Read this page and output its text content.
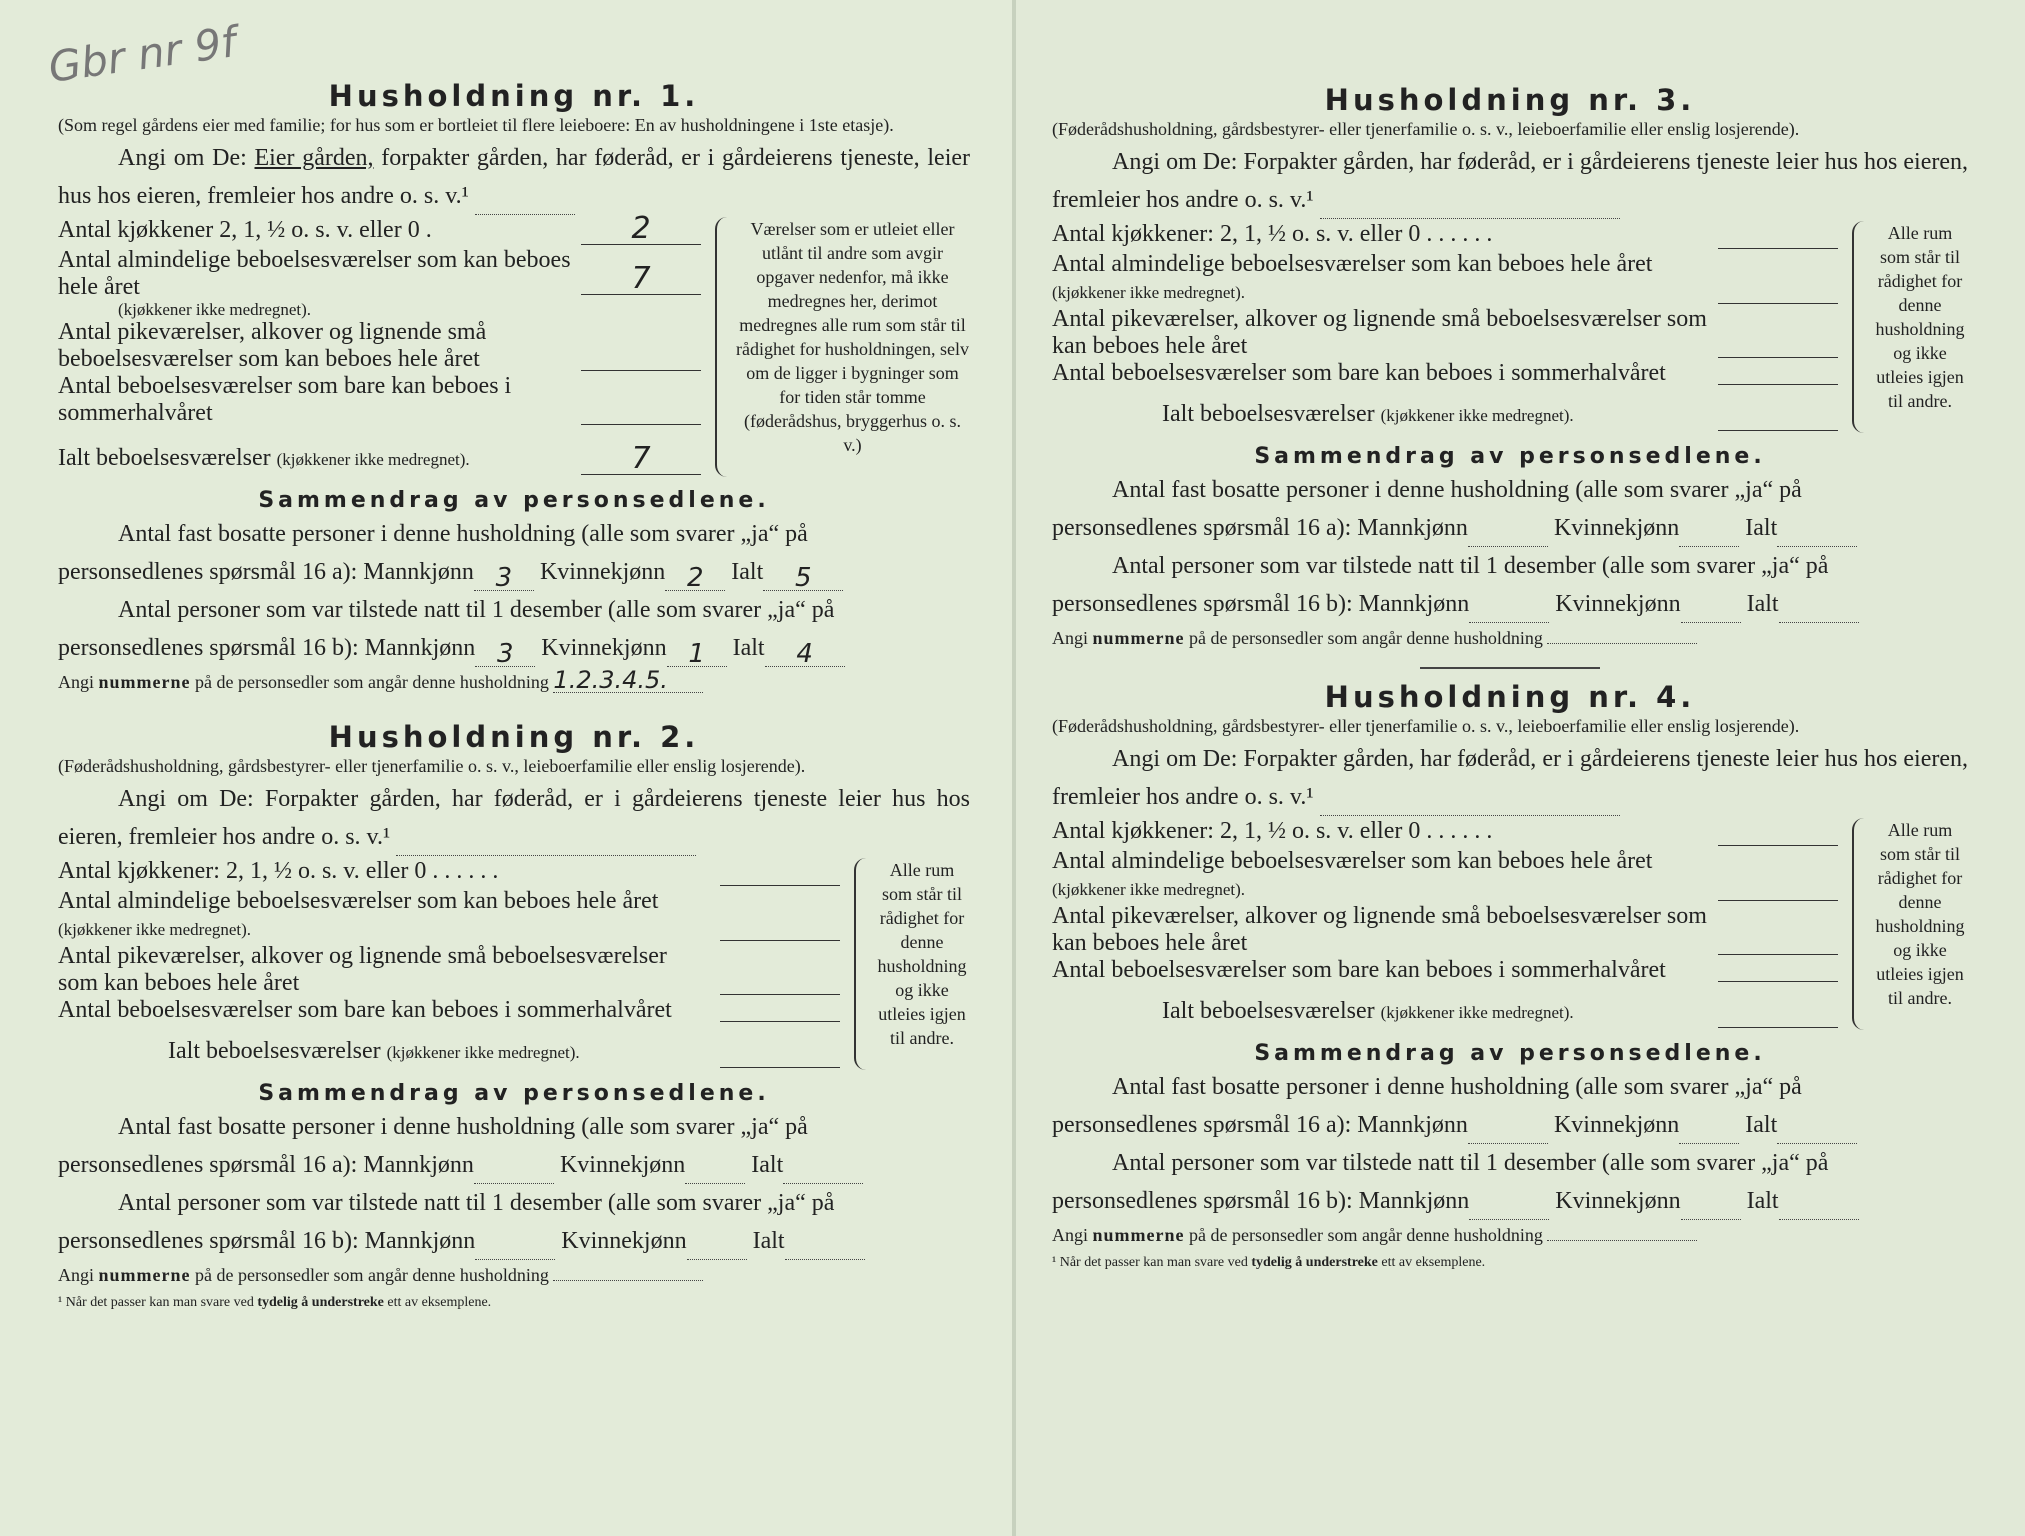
Gbr nr 9f
Husholdning nr. 1.
(Som regel gårdens eier med familie; for hus som er bortleiet til flere leieboere: En av husholdningene i 1ste etasje).
Angi om De: Eier gården, forpakter gården, har føderåd, er i gårdeierens tjeneste, leier hus hos eieren, fremleier hos andre o. s. v.¹
Antal kjøkkener 2, 1, ½ o. s. v. eller 0 .	2
Antal almindelige beboelsesværelser som kan beboes hele året	7
(kjøkkener ikke medregnet).
Antal pikeværelser, alkover og lignende små beboelsesværelser som kan beboes hele året
Antal beboelsesværelser som bare kan beboes i sommerhalvåret
Ialt beboelsesværelser (kjøkkener ikke medregnet).	7
Værelser som er utleiet eller utlånt til andre som avgir opgaver nedenfor, må ikke medregnes her, derimot medregnes alle rum som står til rådighet for husholdningen, selv om de ligger i bygninger som for tiden står tomme (føderådshus, bryggerhus o. s. v.)
Sammendrag av personsedlene.
Antal fast bosatte personer i denne husholdning (alle som svarer „ja“ på
personsedlenes spørsmål 16 a): Mannkjønn 3 Kvinnekjønn 2 Ialt 5
Antal personer som var tilstede natt til 1 desember (alle som svarer „ja“ på
personsedlenes spørsmål 16 b): Mannkjønn 3 Kvinnekjønn 1 Ialt 4
Angi nummerne på de personsedler som angår denne husholdning 1.2.3.4.5.
Husholdning nr. 2.
(Føderådshusholdning, gårdsbestyrer- eller tjenerfamilie o. s. v., leieboerfamilie eller enslig losjerende).
Angi om De: Forpakter gården, har føderåd, er i gårdeierens tjeneste leier hus hos eieren, fremleier hos andre o. s. v.¹
Antal kjøkkener: 2, 1, ½ o. s. v. eller 0 . . . . . .
Antal almindelige beboelsesværelser som kan beboes hele året (kjøkkener ikke medregnet).
Antal pikeværelser, alkover og lignende små beboelsesværelser som kan beboes hele året
Antal beboelsesværelser som bare kan beboes i sommerhalvåret
Ialt beboelsesværelser (kjøkkener ikke medregnet).
Alle rum som står til rådighet for denne husholdning og ikke utleies igjen til andre.
Sammendrag av personsedlene.
Antal fast bosatte personer i denne husholdning (alle som svarer „ja“ på
personsedlenes spørsmål 16 a): Mannkjønn	Kvinnekjønn	Ialt
Antal personer som var tilstede natt til 1 desember (alle som svarer „ja“ på
personsedlenes spørsmål 16 b): Mannkjønn	Kvinnekjønn	Ialt
Angi nummerne på de personsedler som angår denne husholdning
¹ Når det passer kan man svare ved tydelig å understreke ett av eksemplene.
Husholdning nr. 3.
(Føderådshusholdning, gårdsbestyrer- eller tjenerfamilie o. s. v., leieboerfamilie eller enslig losjerende).
Angi om De: Forpakter gården, har føderåd, er i gårdeierens tjeneste leier hus hos eieren, fremleier hos andre o. s. v.¹
Antal kjøkkener: 2, 1, ½ o. s. v. eller 0 . . . . . .
Antal almindelige beboelsesværelser som kan beboes hele året (kjøkkener ikke medregnet).
Antal pikeværelser, alkover og lignende små beboelsesværelser som kan beboes hele året
Antal beboelsesværelser som bare kan beboes i sommerhalvåret
Ialt beboelsesværelser (kjøkkener ikke medregnet).
Alle rum som står til rådighet for denne husholdning og ikke utleies igjen til andre.
Sammendrag av personsedlene.
Antal fast bosatte personer i denne husholdning (alle som svarer „ja“ på
personsedlenes spørsmål 16 a): Mannkjønn	Kvinnekjønn	Ialt
Antal personer som var tilstede natt til 1 desember (alle som svarer „ja“ på
personsedlenes spørsmål 16 b): Mannkjønn	Kvinnekjønn	Ialt
Angi nummerne på de personsedler som angår denne husholdning
Husholdning nr. 4.
(Føderådshusholdning, gårdsbestyrer- eller tjenerfamilie o. s. v., leieboerfamilie eller enslig losjerende).
Angi om De: Forpakter gården, har føderåd, er i gårdeierens tjeneste leier hus hos eieren, fremleier hos andre o. s. v.¹
Antal kjøkkener: 2, 1, ½ o. s. v. eller 0 . . . . . .
Antal almindelige beboelsesværelser som kan beboes hele året (kjøkkener ikke medregnet).
Antal pikeværelser, alkover og lignende små beboelsesværelser som kan beboes hele året
Antal beboelsesværelser som bare kan beboes i sommerhalvåret
Ialt beboelsesværelser (kjøkkener ikke medregnet).
Alle rum som står til rådighet for denne husholdning og ikke utleies igjen til andre.
Sammendrag av personsedlene.
Antal fast bosatte personer i denne husholdning (alle som svarer „ja“ på
personsedlenes spørsmål 16 a): Mannkjønn	Kvinnekjønn	Ialt
Antal personer som var tilstede natt til 1 desember (alle som svarer „ja“ på
personsedlenes spørsmål 16 b): Mannkjønn	Kvinnekjønn	Ialt
Angi nummerne på de personsedler som angår denne husholdning
¹ Når det passer kan man svare ved tydelig å understreke ett av eksemplene.
